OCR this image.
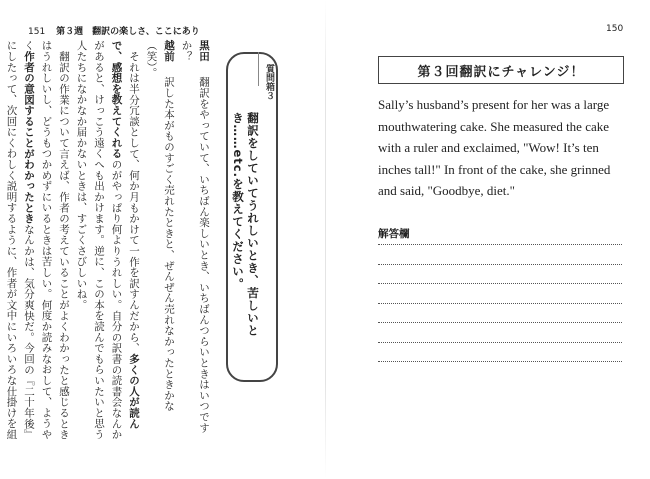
151 第３週　翻訳の楽しさ、ここにあり	150

黒田　翻訳をやっていて、いちばん楽しいとき、いちばんつらいときはいつですか？

越前　訳した本がものすごく売れたときと、ぜんぜん売れなかったときかな（笑）。

　それは半分冗談として、何か月もかけて一作を訳すんだから、多くの人が読んで、感想を教えてくれるのがやっぱり何よりうれしい。自分の訳書の読書会なんかがあると、けっこう遠くへも出かけます。逆に、この本を読んでもらいたいと思う人たちになかなか届かないときは、すごくさびしいね。

　翻訳の作業について言えば、作者の考えていることがよくわかったと感じるときはうれしいし、どうもつかめずにいるときは苦しい。何度か読みなおして、ようやく作者の意図することがわかったときなんかは、気分爽快だ。今回の『二十年後』にしたって、次回にくわしく説明するように、作者が文中にいろいろな仕掛けを組

質問箱３
翻訳をしていてうれしいとき、苦しいとき……etc.を教えてください。
第３回翻訳にチャレンジ！
Sally’s husband’s present for her was a large mouthwatering cake. She measured the cake with a ruler and exclaimed, "Wow! It’s ten inches tall!" In front of the cake, she grinned and said, "Goodbye, diet."
解答欄
